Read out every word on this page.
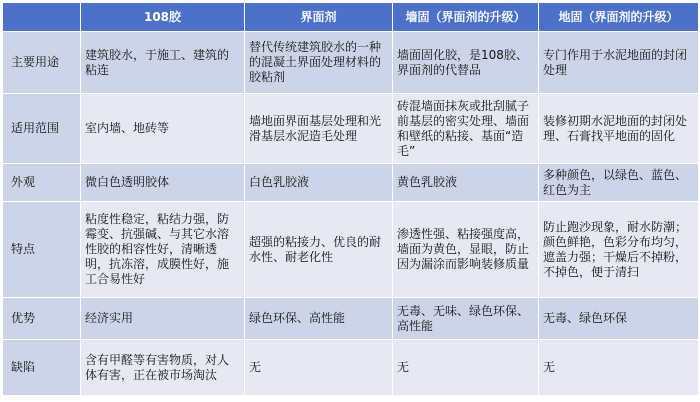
	108胶	界面剂	墙固（界面剂的升级）	地固（界面剂的升级）
主要用途	建筑胶水，于施工、建筑的粘连	替代传统建筑胶水的一种的混凝土界面处理材料的胶粘剂	墙面固化胶，是108胶、界面剂的代替品	专门作用于水泥地面的封闭处理
适用范围	室内墙、地砖等	墙地面界面基层处理和光滑基层水泥造毛处理	砖混墙面抹灰或批刮腻子前基层的密实处理、墙面和壁纸的粘接、基面“造毛”	装修初期水泥地面的封闭处理、石膏找平地面的固化
外观	微白色透明胶体	白色乳胶液	黄色乳胶液	多种颜色，以绿色、蓝色、红色为主
特点	粘度性稳定，粘结力强，防霉变、抗强碱、与其它水溶性胶的相容性好，清晰透明，抗冻溶，成膜性好，施工合易性好	超强的粘接力、优良的耐水性、耐老化性	渗透性强、粘接强度高，墙面为黄色，显眼，防止因为漏涂而影响装修质量	防止跑沙现象，耐水防潮；颜色鲜艳，色彩分布均匀，遮盖力强；干燥后不掉粉，不掉色，便于清扫
优势	经济实用	绿色环保、高性能	无毒、无味、绿色环保、高性能	无毒、绿色环保
缺陷	含有甲醛等有害物质，对人体有害，正在被市场淘汰	无	无	无
